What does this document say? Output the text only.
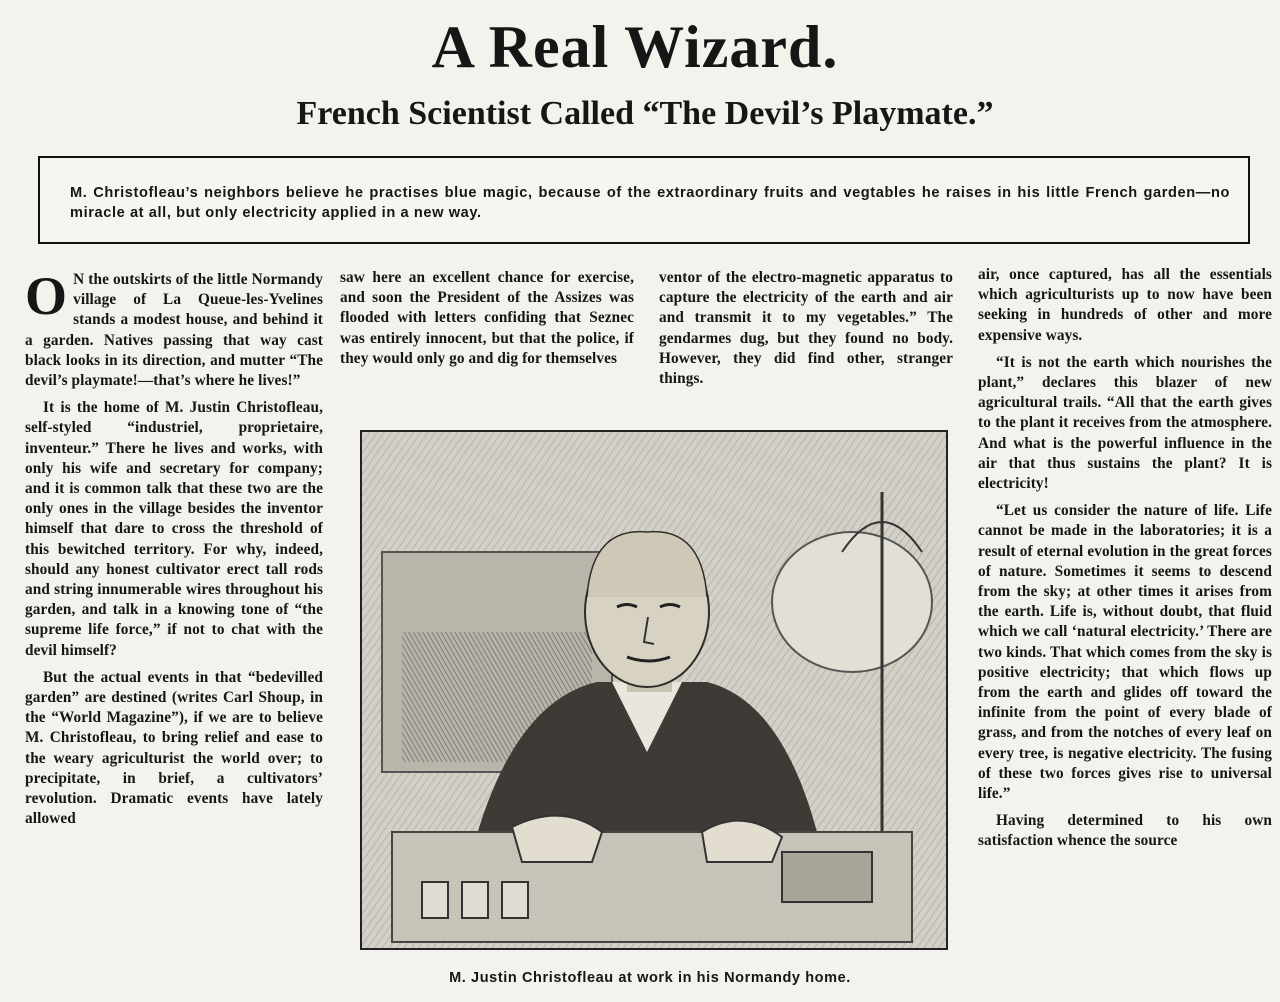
A Real Wizard.
French Scientist Called “The Devil’s Playmate.”
M. Christofleau’s neighbors believe he practises blue magic, because of the extraordinary fruits and vegtables he raises in his little French garden—no miracle at all, but only electricity applied in a new way.

O N the outskirts of the little Normandy village of La Queue-les-Yvelines stands a modest house, and behind it a garden. Natives passing that way cast black looks in its direction, and mutter “The devil’s playmate!—that’s where he lives!”

It is the home of M. Justin Christofleau, self-styled “industriel, proprietaire, inventeur.” There he lives and works, with only his wife and secretary for company; and it is common talk that these two are the only ones in the village besides the inventor himself that dare to cross the threshold of this bewitched territory. For why, indeed, should any honest cultivator erect tall rods and string innumerable wires throughout his garden, and talk in a knowing tone of “the supreme life force,” if not to chat with the devil himself?

But the actual events in that “bedevilled garden” are destined (writes Carl Shoup, in the “World Magazine”), if we are to believe M. Christofleau, to bring relief and ease to the weary agriculturist the world over; to precipitate, in brief, a cultivators’ revolution. Dramatic events have lately allowed

saw here an excellent chance for exercise, and soon the President of the Assizes was flooded with letters confiding that Seznec was entirely innocent, but that the police, if they would only go and dig for themselves

ventor of the electro-magnetic apparatus to capture the electricity of the earth and air and transmit it to my vegetables.” The gendarmes dug, but they found no body. However, they did find other, stranger things.

M. Justin Christofleau at work in his Normandy home.

air, once captured, has all the essentials which agriculturists up to now have been seeking in hundreds of other and more expensive ways.

“It is not the earth which nourishes the plant,” declares this blazer of new agricultural trails. “All that the earth gives to the plant it receives from the atmosphere. And what is the powerful influence in the air that thus sustains the plant? It is electricity!

“Let us consider the nature of life. Life cannot be made in the laboratories; it is a result of eternal evolution in the great forces of nature. Sometimes it seems to descend from the sky; at other times it arises from the earth. Life is, without doubt, that fluid which we call ‘natural electricity.’ There are two kinds. That which comes from the sky is positive electricity; that which flows up from the earth and glides off toward the infinite from the point of every blade of grass, and from the notches of every leaf on every tree, is negative electricity. The fusing of these two forces gives rise to universal life.”

Having determined to his own satisfaction whence the source
